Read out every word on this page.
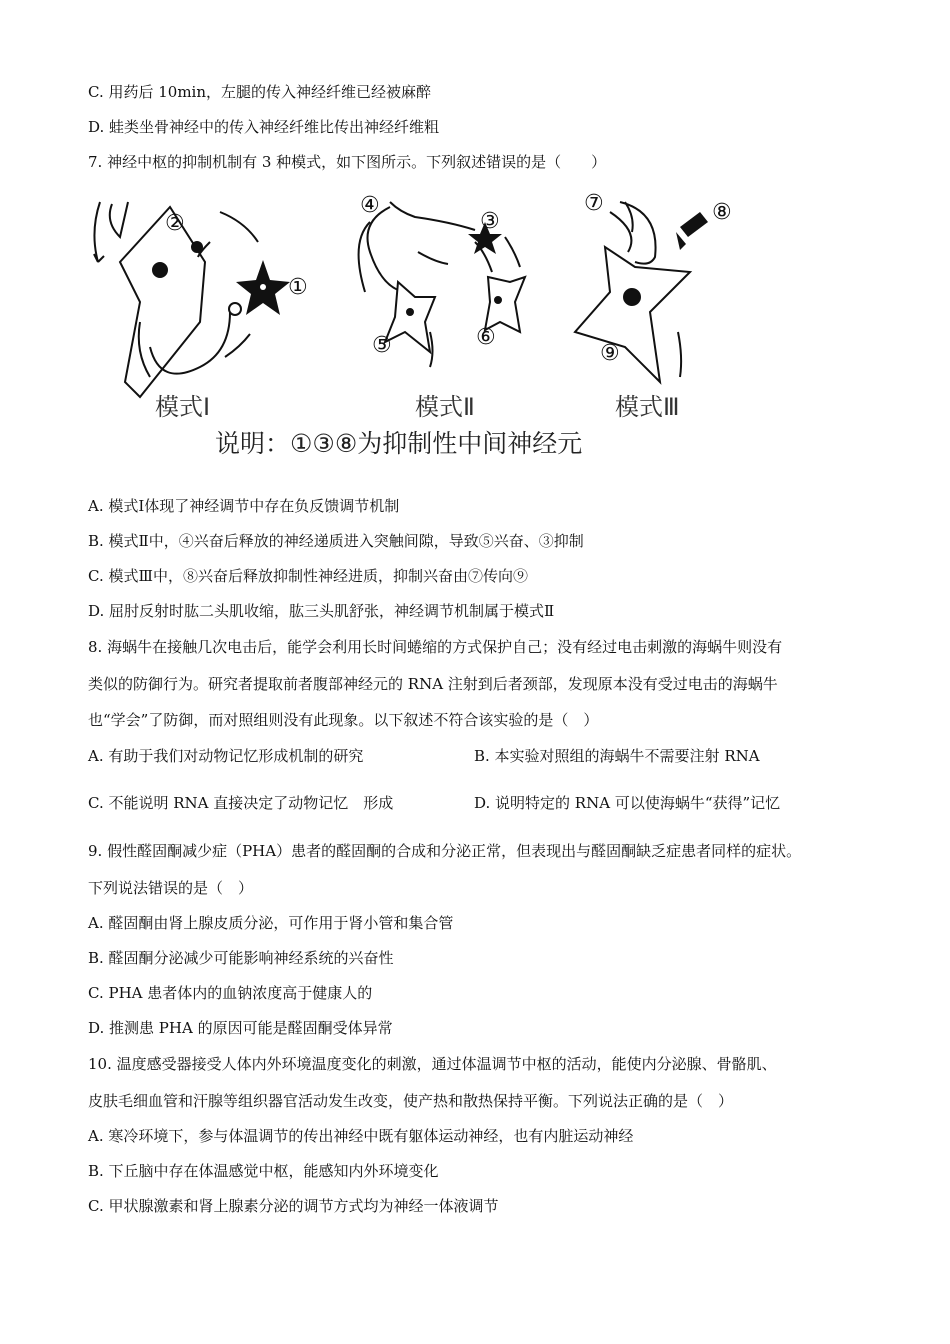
C. 用药后 10min，左腿的传入神经纤维已经被麻醉
D. 蛙类坐骨神经中的传入神经纤维比传出神经纤维粗
7. 神经中枢的抑制机制有 3 种模式，如下图所示。下列叙述错误的是（　　）
①
②
④
③
⑤	⑥
⑦	⑧
⑨
模式Ⅰ	模式Ⅱ	模式Ⅲ
说明：①③⑧为抑制性中间神经元
A. 模式Ⅰ体现了神经调节中存在负反馈调节机制
B. 模式Ⅱ中，④兴奋后释放的神经递质进入突触间隙，导致⑤兴奋、③抑制
C. 模式Ⅲ中，⑧兴奋后释放抑制性神经进质，抑制兴奋由⑦传向⑨
D. 屈肘反射时肱二头肌收缩，肱三头肌舒张，神经调节机制属于模式Ⅱ
8. 海蜗牛在接触几次电击后，能学会利用长时间蜷缩的方式保护自己；没有经过电击刺激的海蜗牛则没有
类似的防御行为。研究者提取前者腹部神经元的 RNA 注射到后者颈部，发现原本没有受过电击的海蜗牛
也“学会”了防御，而对照组则没有此现象。以下叙述不符合该实验的是（　）
A. 有助于我们对动物记忆形成机制的研究	B. 本实验对照组的海蜗牛不需要注射 RNA
C. 不能说明 RNA 直接决定了动物记忆　形成	D. 说明特定的 RNA 可以使海蜗牛“获得”记忆
9. 假性醛固酮减少症（PHA）患者的醛固酮的合成和分泌正常，但表现出与醛固酮缺乏症患者同样的症状。
下列说法错误的是（　）
A. 醛固酮由肾上腺皮质分泌，可作用于肾小管和集合管
B. 醛固酮分泌减少可能影响神经系统的兴奋性
C. PHA 患者体内的血钠浓度高于健康人的
D. 推测患 PHA 的原因可能是醛固酮受体异常
10. 温度感受器接受人体内外环境温度变化的刺激，通过体温调节中枢的活动，能使内分泌腺、骨骼肌、
皮肤毛细血管和汗腺等组织器官活动发生改变，使产热和散热保持平衡。下列说法正确的是（　）
A. 寒冷环境下，参与体温调节的传出神经中既有躯体运动神经，也有内脏运动神经
B. 下丘脑中存在体温感觉中枢，能感知内外环境变化
C. 甲状腺激素和肾上腺素分泌的调节方式均为神经一体液调节
